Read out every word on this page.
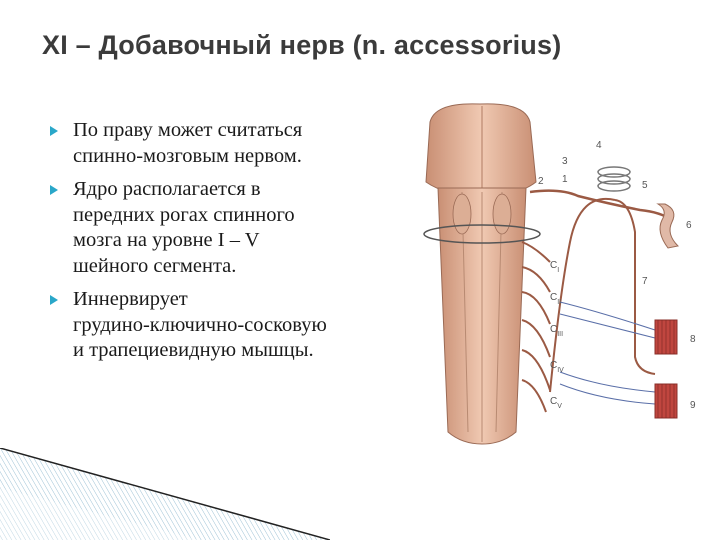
XI – Добавочный нерв (n. accessorius)
По праву может считаться
спинно-мозговым нервом.
Ядро располагается в
передних рогах спинного
мозга на уровне I – V
шейного сегмента.
Иннервирует
грудино-ключично-сосковую
и трапециевидную мышцы.
2
3
4
5
1
6
7
8
9
$C_I$
$C_{II}$
$C_{III}$
$C_{IV}$
$C_V$
